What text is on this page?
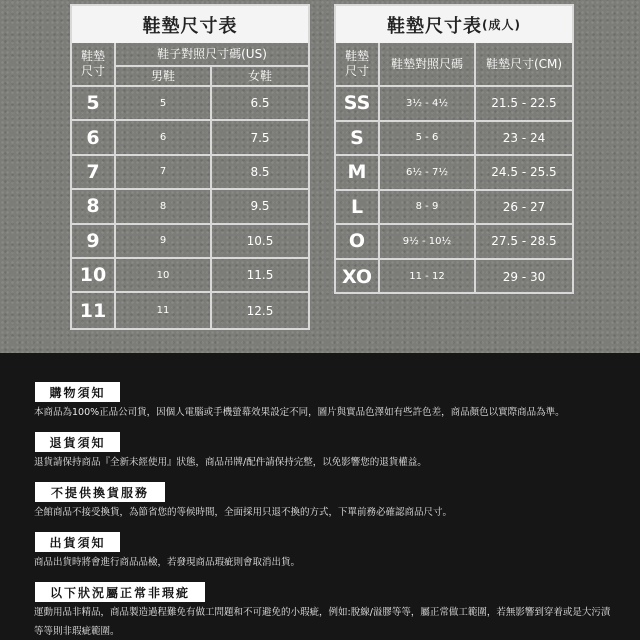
鞋墊尺寸表
鞋墊
尺寸
鞋子對照尺寸碼(US)
男鞋	女鞋
5	5	6.5
6	6	7.5
7	7	8.5
8	8	9.5
9	9	10.5
10	10	11.5
11	11	12.5
鞋墊尺寸表 (成人)
鞋墊
尺寸
鞋墊對照尺碼	鞋墊尺寸(CM)
SS	3½ - 4½	21.5 - 22.5
S	5 - 6	23 - 24
M	6½ - 7½	24.5 - 25.5
L	8 - 9	26 - 27
O	9½ - 10½	27.5 - 28.5
XO	11 - 12	29 - 30
購物須知
本商品為100%正品公司貨，因個人電腦或手機螢幕效果設定不同，圖片與實品色澤如有些許色差，商品顏色以實際商品為準。
退貨須知
退貨請保持商品『全新未經使用』狀態，商品吊牌/配件請保持完整，以免影響您的退貨權益。
不提供換貨服務
全館商品不接受換貨，為節省您的等候時間，全面採用只退不換的方式，下單前務必確認商品尺寸。
出貨須知
商品出貨時將會進行商品品檢，若發現商品瑕疵則會取消出貨。
以下狀況屬正常非瑕疵
運動用品非精品，商品製造過程難免有做工問題和不可避免的小瑕疵，例如:脫線/溢膠等等，屬正常做工範圍，若無影響到穿着或是大污漬等等則非瑕疵範圍。
